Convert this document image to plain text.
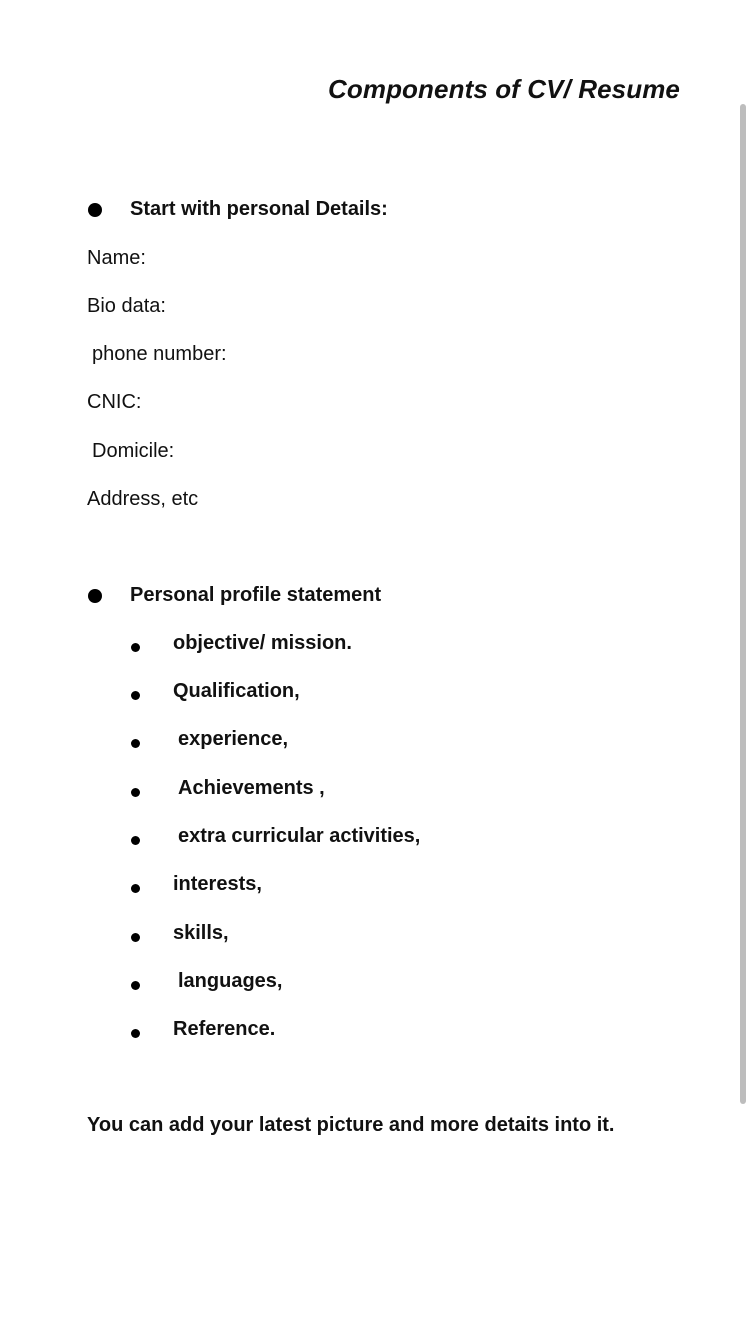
Components of CV/ Resume
Start with personal Details:
Name:
Bio data:
phone number:
CNIC:
Domicile:
Address, etc
Personal profile statement
objective/ mission.
Qualification,
experience,
Achievements ,
extra curricular activities,
interests,
skills,
languages,
Reference.
You can add your latest picture and more detaits into it.
